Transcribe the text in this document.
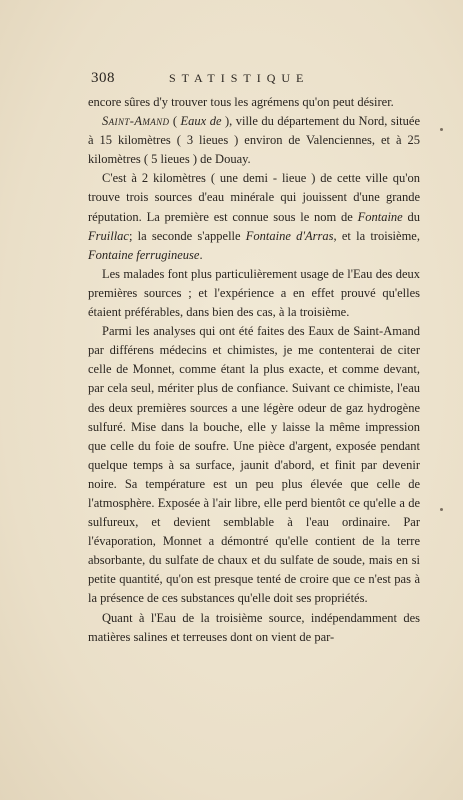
308	STATISTIQUE

encore sûres d'y trouver tous les agrémens qu'on peut désirer.

Saint-Amand ( Eaux de ), ville du département du Nord, située à 15 kilomètres ( 3 lieues ) environ de Valenciennes, et à 25 kilomètres ( 5 lieues ) de Douay.

C'est à 2 kilomètres ( une demi - lieue ) de cette ville qu'on trouve trois sources d'eau minérale qui jouissent d'une grande réputation. La première est connue sous le nom de Fontaine du Fruillac; la seconde s'appelle Fontaine d'Arras, et la troisième, Fontaine ferrugineuse.

Les malades font plus particulièrement usage de l'Eau des deux premières sources ; et l'expérience a en effet prouvé qu'elles étaient préférables, dans bien des cas, à la troisième.

Parmi les analyses qui ont été faites des Eaux de Saint-Amand par différens médecins et chimistes, je me contenterai de citer celle de Monnet, comme étant la plus exacte, et comme devant, par cela seul, mériter plus de confiance. Suivant ce chimiste, l'eau des deux premières sources a une légère odeur de gaz hydrogène sulfuré. Mise dans la bouche, elle y laisse la même impression que celle du foie de soufre. Une pièce d'argent, exposée pendant quelque temps à sa surface, jaunit d'abord, et finit par devenir noire. Sa température est un peu plus élevée que celle de l'atmosphère. Exposée à l'air libre, elle perd bientôt ce qu'elle a de sulfureux, et devient semblable à l'eau ordinaire. Par l'évaporation, Monnet a démontré qu'elle contient de la terre absorbante, du sulfate de chaux et du sulfate de soude, mais en si petite quantité, qu'on est presque tenté de croire que ce n'est pas à la présence de ces substances qu'elle doit ses propriétés.

Quant à l'Eau de la troisième source, indépendamment des matières salines et terreuses dont on vient de par-
